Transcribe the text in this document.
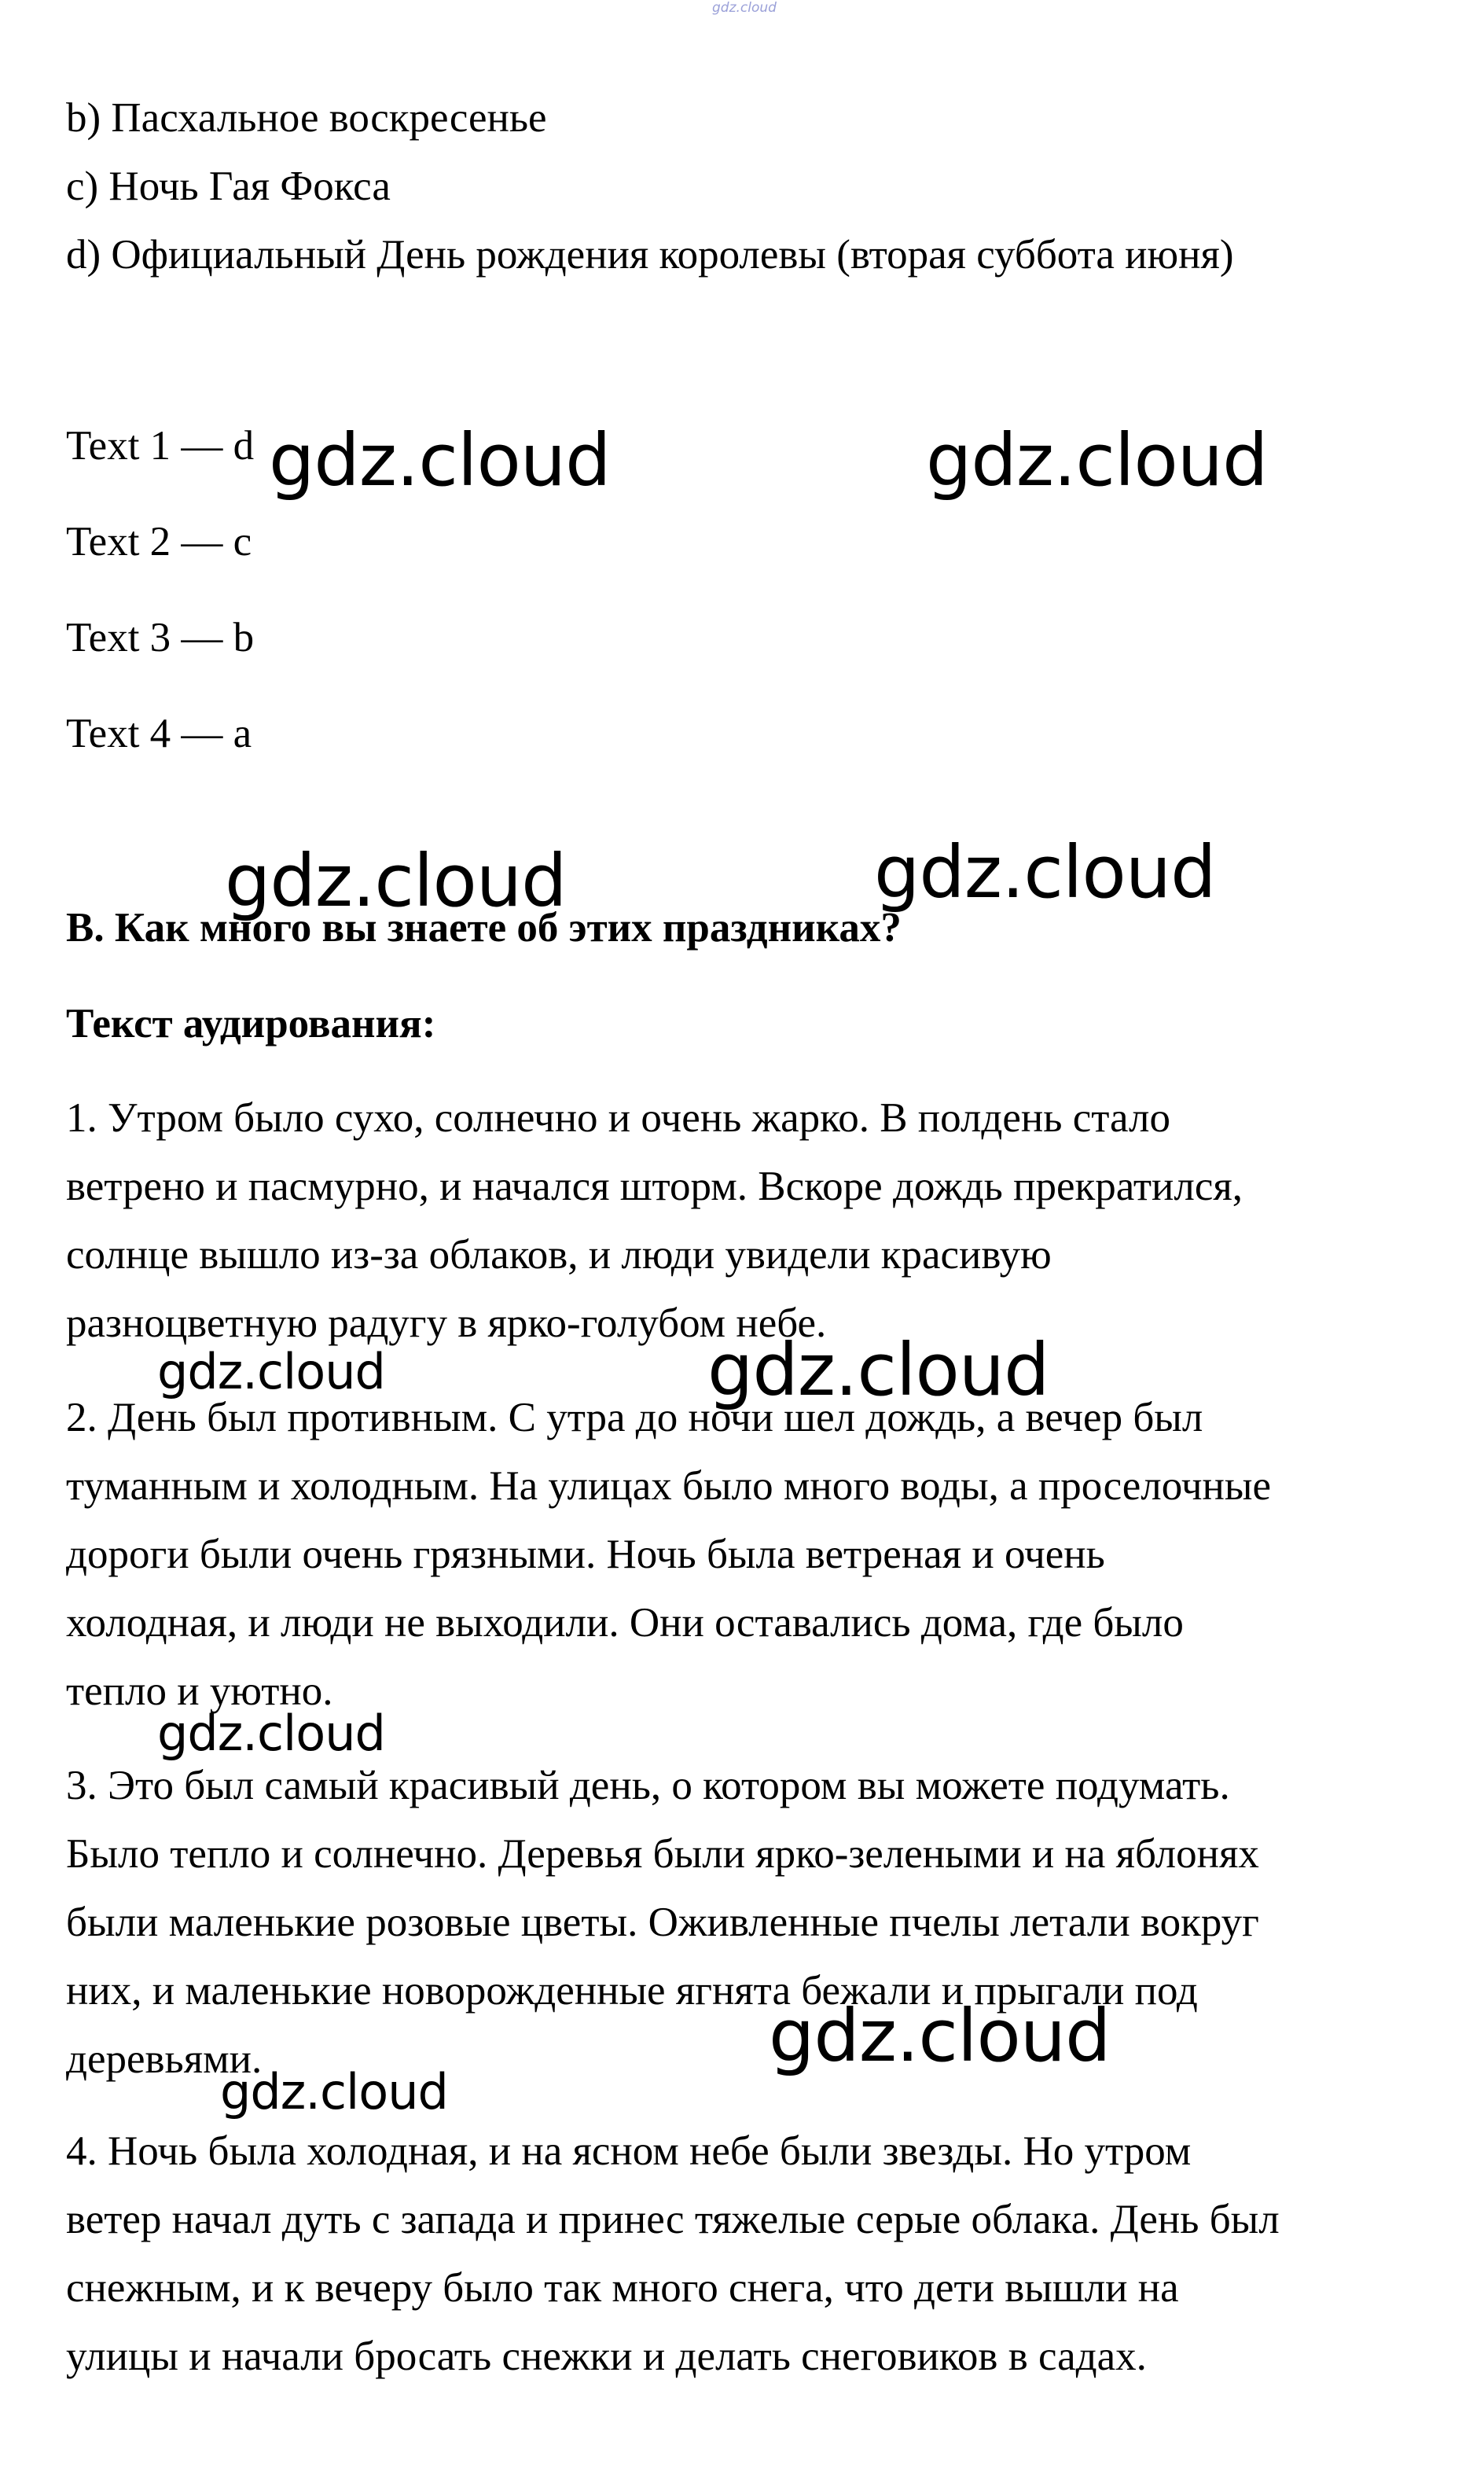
gdz.cloud
b) Пасхальное воскресенье
c) Ночь Гая Фокса
d) Официальный День рождения королевы (вторая суббота июня)
Text 1 — d
Text 2 — c
Text 3 — b
Text 4 — a
B. Как много вы знаете об этих праздниках?
Текст аудирования:
1. Утром было сухо, солнечно и очень жарко. В полдень стало
ветрено и пасмурно, и начался шторм. Вскоре дождь прекратился,
солнце вышло из-за облаков, и люди увидели красивую
разноцветную радугу в ярко-голубом небе.
2. День был противным. С утра до ночи шел дождь, а вечер был
туманным и холодным. На улицах было много воды, а проселочные
дороги были очень грязными. Ночь была ветреная и очень
холодная, и люди не выходили. Они оставались дома, где было
тепло и уютно.
3. Это был самый красивый день, о котором вы можете подумать.
Было тепло и солнечно. Деревья были ярко-зелеными и на яблонях
были маленькие розовые цветы. Оживленные пчелы летали вокруг
них, и маленькие новорожденные ягнята бежали и прыгали под
деревьями.
4. Ночь была холодная, и на ясном небе были звезды. Но утром
ветер начал дуть с запада и принес тяжелые серые облака. День был
снежным, и к вечеру было так много снега, что дети вышли на
улицы и начали бросать снежки и делать снеговиков в садах.
gdz.cloud	gdz.cloud
gdz.cloud	gdz.cloud
gdz.cloud	gdz.cloud
gdz.cloud
gdz.cloud
gdz.cloud
